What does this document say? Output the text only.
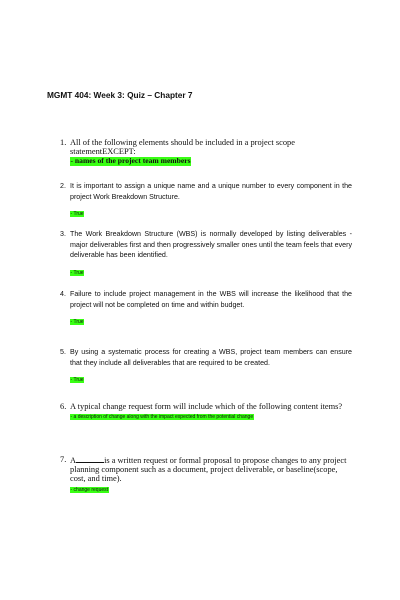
MGMT 404: Week 3: Quiz – Chapter 7
1. All of the following elements should be included in a project scope statementEXCEPT:
- names of the project team members
2. It is important to assign a unique name and a unique number to every component in the project Work Breakdown Structure.
- True
3. The Work Breakdown Structure (WBS) is normally developed by listing deliverables - major deliverables first and then progressively smaller ones until the team feels that every deliverable has been identified.
- True
4. Failure to include project management in the WBS will increase the likelihood that the project will not be completed on time and within budget.
- True
5. By using a systematic process for creating a WBS, project team members can ensure that they include all deliverables that are required to be created.
- True
6. A typical change request form will include which of the following content items?
- a description of change along with the impact expected from the potential change
7. A	is a written request or formal proposal to propose changes to any project planning component such as a document, project deliverable, or baseline(scope, cost, and time).
- change request
